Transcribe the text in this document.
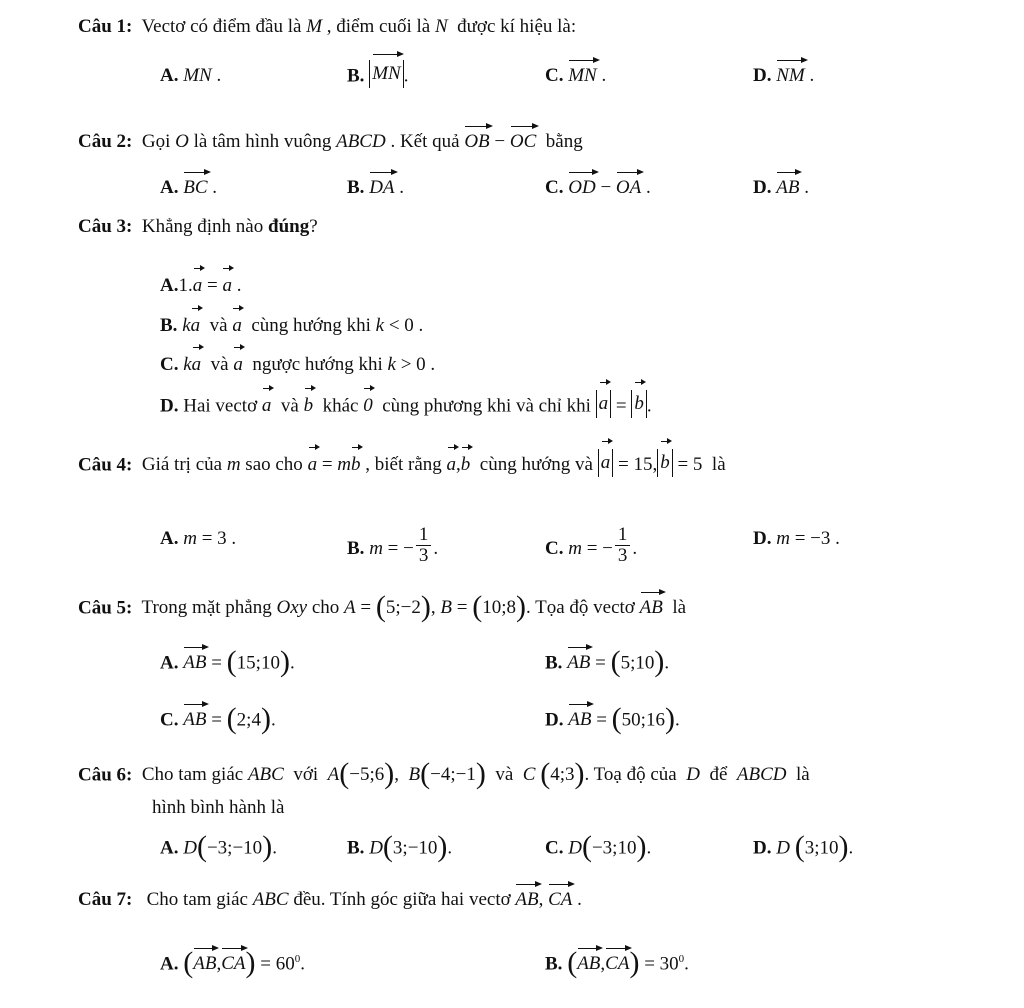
Câu 1: Vectơ có điểm đầu là M , điểm cuối là N  được kí hiệu là:
A. MN .	B. MN .	C. MN .	D. NM .
Câu 2: Gọi O là tâm hình vuông ABCD . Kết quả OB − OC  bằng
A. BC .	B. DA .	C. OD − OA .	D. AB .
Câu 3: Khẳng định nào đúng?
A.1.a = a .
B. ka  và a  cùng hướng khi k < 0 .
C. ka  và a  ngược hướng khi k > 0 .
D. Hai vectơ a  và b  khác 0  cùng phương khi và chỉ khi a = b .
Câu 4: Giá trị của m sao cho a = mb , biết rằng a,b  cùng hướng và a = 15, b = 5  là
A. m = 3 .	B. m = − $\frac{1}{3}$ .	C. m = − $\frac{1}{3}$ .	D. m = −3 .
Câu 5: Trong mặt phẳng Oxy cho A = (5;−2), B = (10;8). Tọa độ vectơ AB  là
A. AB = (15;10).	B. AB = (5;10).
C. AB = (2;4).	D. AB = (50;16).
Câu 6: Cho tam giác ABC  với  A(−5;6),  B(−4;−1)  và  C (4;3). Toạ độ của  D  để  ABCD  là
hình bình hành là
A. D(−3;−10).	B. D(3;−10).	C. D(−3;10).	D. D (3;10).
Câu 7:   Cho tam giác ABC đều. Tính góc giữa hai vectơ AB, CA .
A. $(AB,CA) = 60^0$.	B. $(AB,CA) = 30^0$.
